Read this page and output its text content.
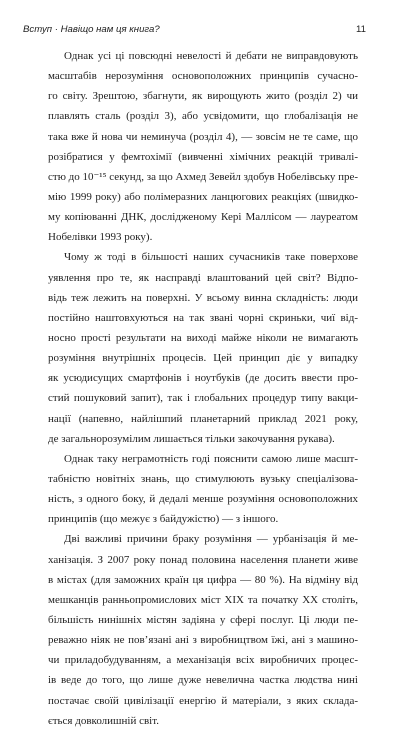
Вступ · Навіщо нам ця книга?	11
Однак усі ці повсюдні невелості й дебати не виправдовують
масштабів нерозуміння основоположних принципів сучасно-
го світу. Зрештою, збагнути, як вирощують жито (розділ 2) чи
плавлять сталь (розділ 3), або усвідомити, що глобалізація не
така вже й нова чи неминуча (розділ 4), — зовсім не те саме, що
розібратися у фемтохімії (вивченні хімічних реакцій тривалі-
стю до 10⁻¹⁵ секунд, за що Ахмед Зевейл здобув Нобелівську пре-
мію 1999 року) або полімеразних ланцюгових реакціях (швидко-
му копіюванні ДНК, дослідженому Кері Маллісом — лауреатом
Нобелівки 1993 року).
Чому ж тоді в більшості наших сучасників таке поверхове
уявлення про те, як насправді влаштований цей світ? Відпо-
відь теж лежить на поверхні. У всьому винна складність: люди
постійно наштовхуються на так звані чорні скриньки, чиї від-
носно прості результати на виході майже ніколи не вимагають
розуміння внутрішніх процесів. Цей принцип діє у випадку
як усюдисущих смартфонів і ноутбуків (де досить ввести про-
стий пошуковий запит), так і глобальних процедур типу вакци-
нації (напевно, найлішпий планетарний приклад 2021 року,
де загальнорозумілим лишається тільки закочування рукава).
Однак таку неграмотність годі пояснити самою лише масшт-
табністю новітніх знань, що стимулюють вузьку спеціалізова-
ність, з одного боку, й дедалі менше розуміння основоположних
принципів (що межує з байдужістю) — з іншого.
Дві важливі причини браку розуміння — урбанізація й ме-
ханізація. З 2007 року понад половина населення планети живе
в містах (для заможних країн ця цифра — 80 %). На відміну від
мешканців ранньопромислових міст XIX та початку XX століть,
більшість нинішніх містян задіяна у сфері послуг. Ці люди пе-
реважно ніяк не пов’язані ані з виробництвом їжі, ані з машино-
чи приладобудуванням, а механізація всіх виробничих процес-
ів веде до того, що лише дуже невелична частка людства нині
постачає своїй цивілізації енергію й матеріали, з яких склада-
ється довколишній світ.
